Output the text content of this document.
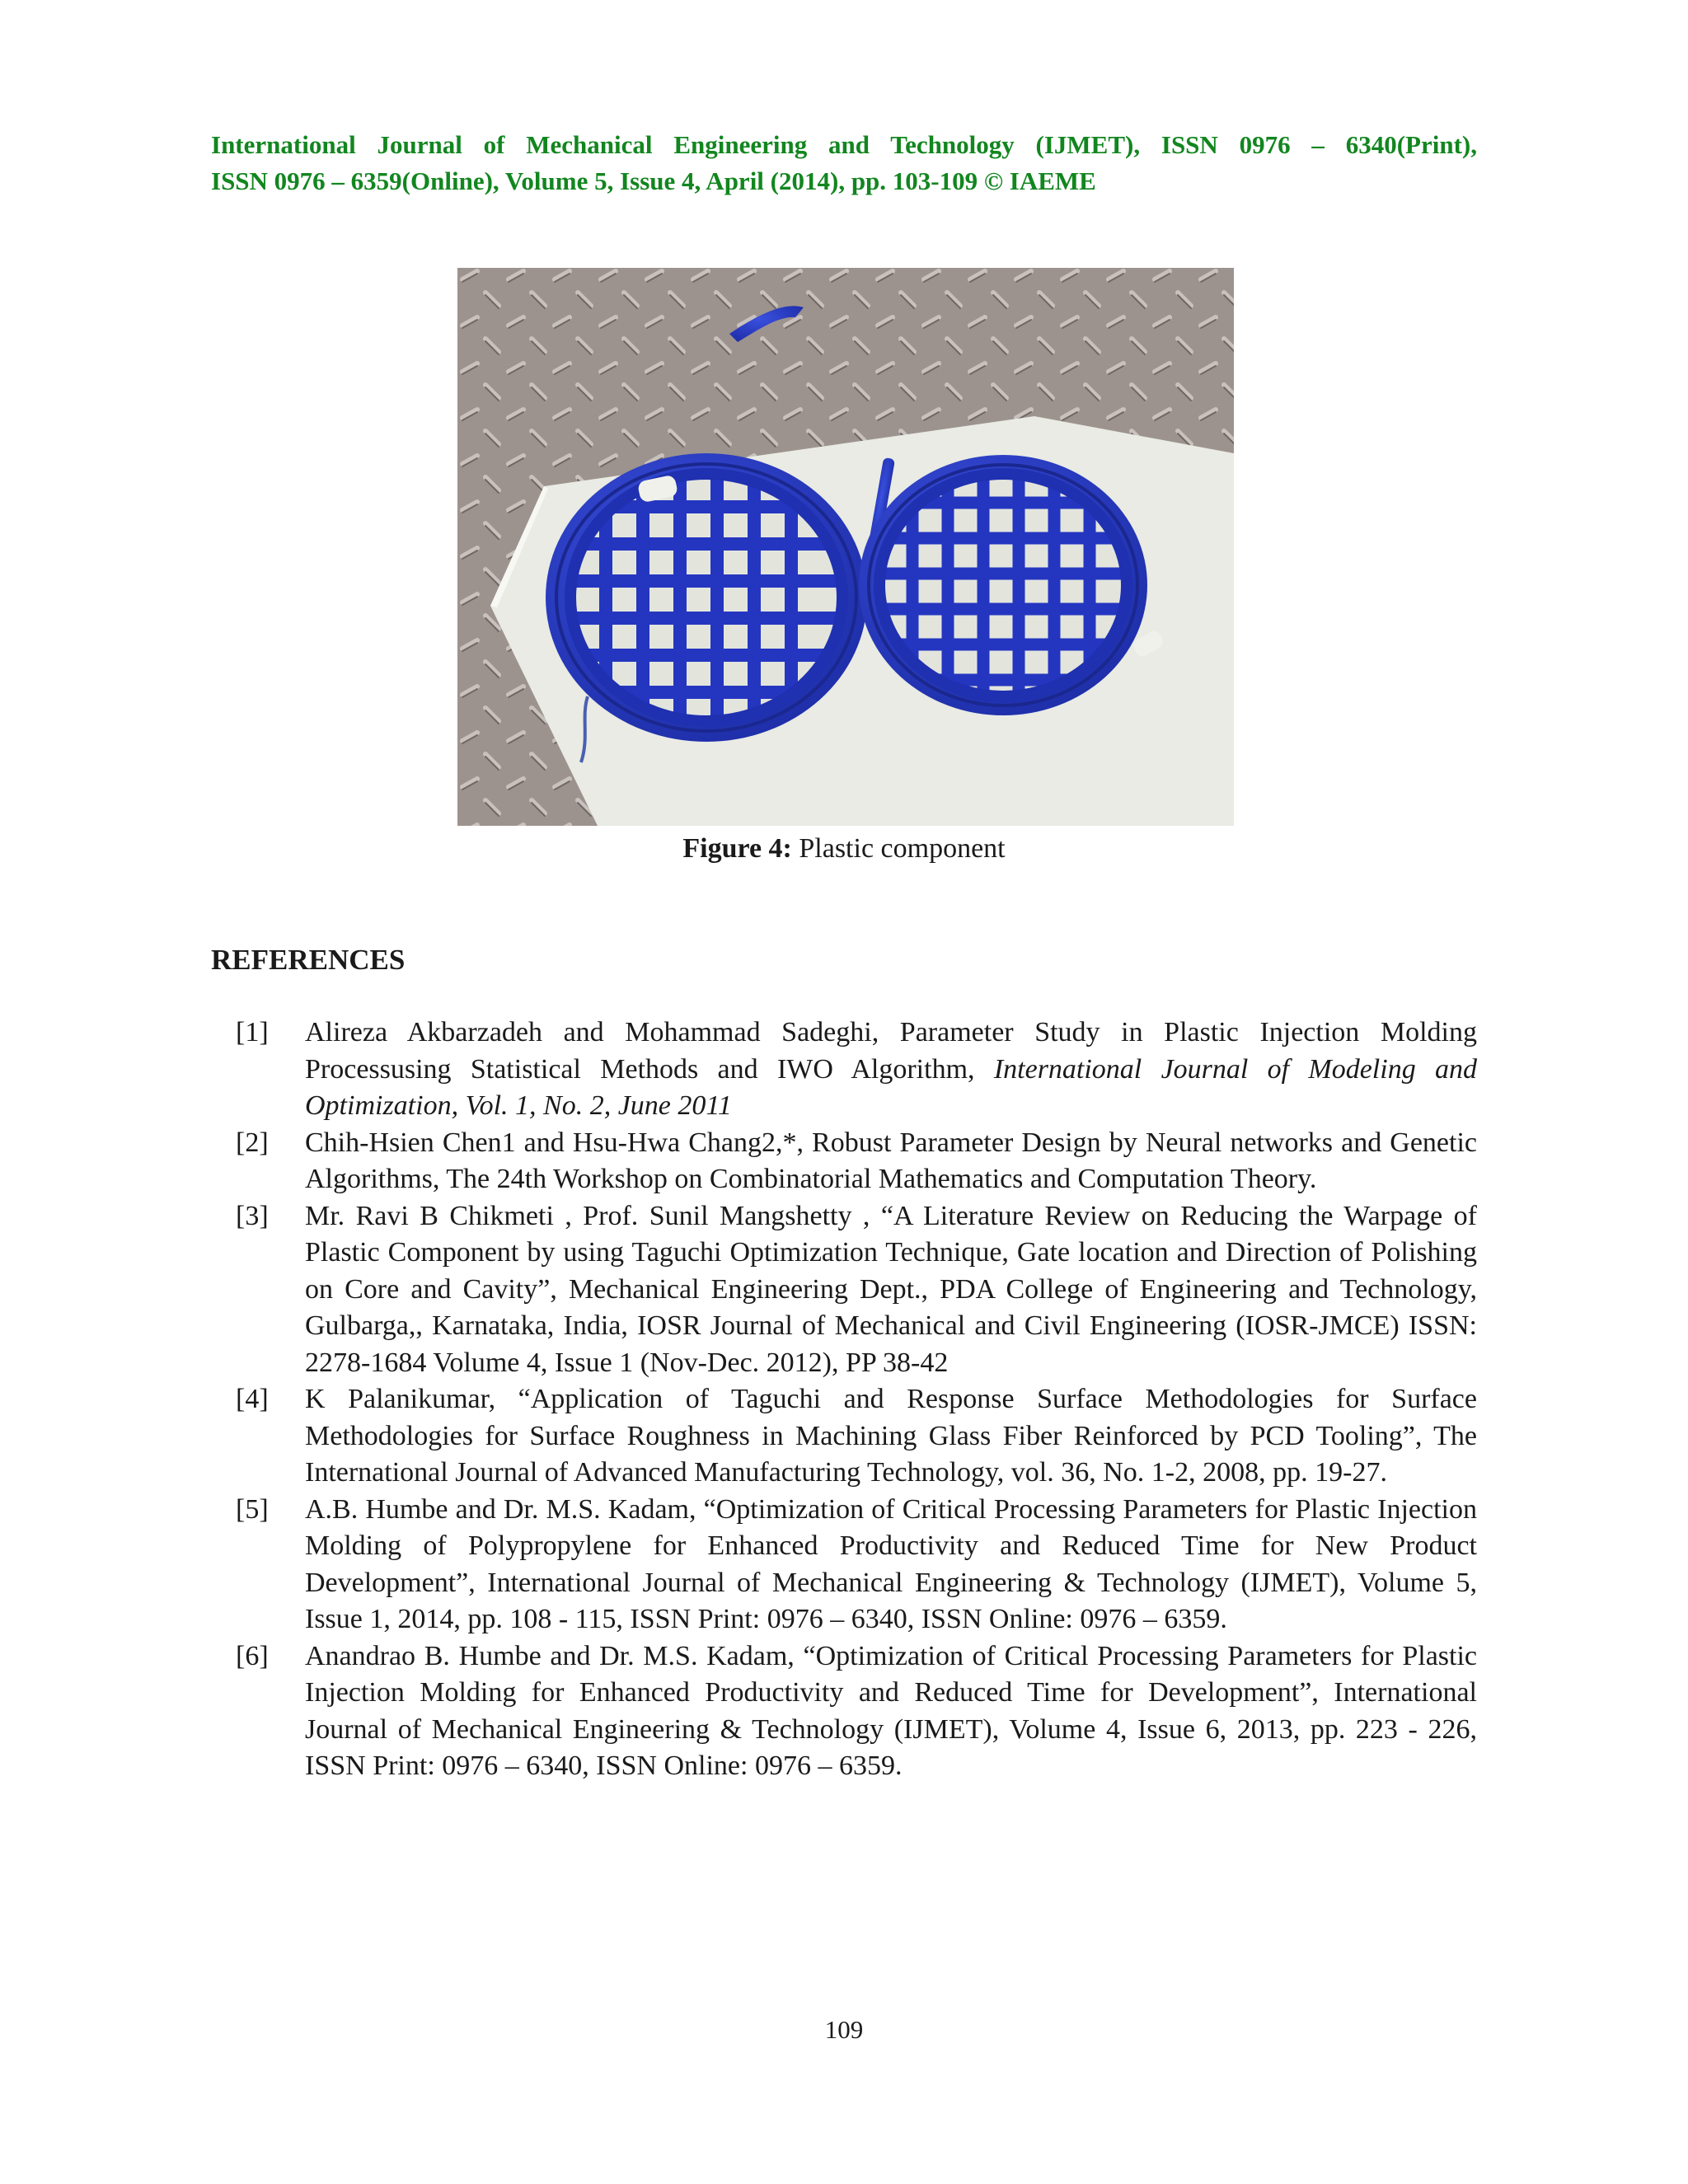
International Journal of Mechanical Engineering and Technology (IJMET), ISSN 0976 – 6340(Print),
ISSN 0976 – 6359(Online), Volume 5, Issue 4, April (2014), pp. 103-109 © IAEME
Figure 4: Plastic component
REFERENCES
[1] Alireza Akbarzadeh and Mohammad Sadeghi, Parameter Study in Plastic Injection Molding Processusing Statistical Methods and IWO Algorithm, International Journal of Modeling and Optimization, Vol. 1, No. 2, June 2011
[2] Chih-Hsien Chen1 and Hsu-Hwa Chang2,*, Robust Parameter Design by Neural networks and Genetic Algorithms, The 24th Workshop on Combinatorial Mathematics and Computation Theory.
[3] Mr. Ravi B Chikmeti , Prof. Sunil Mangshetty , “A Literature Review on Reducing the Warpage of Plastic Component by using Taguchi Optimization Technique, Gate location and Direction of Polishing on Core and Cavity”, Mechanical Engineering Dept., PDA College of Engineering and Technology, Gulbarga,, Karnataka, India, IOSR Journal of Mechanical and Civil Engineering (IOSR-JMCE) ISSN: 2278-1684 Volume 4, Issue 1 (Nov-Dec. 2012), PP 38-42
[4] K Palanikumar, “Application of Taguchi and Response Surface Methodologies for Surface Methodologies for Surface Roughness in Machining Glass Fiber Reinforced by PCD Tooling”, The International Journal of Advanced Manufacturing Technology, vol. 36, No. 1-2, 2008, pp. 19-27.
[5] A.B. Humbe and Dr. M.S. Kadam, “Optimization of Critical Processing Parameters for Plastic Injection Molding of Polypropylene for Enhanced Productivity and Reduced Time for New Product Development”, International Journal of Mechanical Engineering & Technology (IJMET), Volume 5, Issue 1, 2014, pp. 108 - 115, ISSN Print: 0976 – 6340, ISSN Online: 0976 – 6359.
[6] Anandrao B. Humbe and Dr. M.S. Kadam, “Optimization of Critical Processing Parameters for Plastic Injection Molding for Enhanced Productivity and Reduced Time for Development”, International Journal of Mechanical Engineering & Technology (IJMET), Volume 4, Issue 6, 2013, pp. 223 - 226, ISSN Print: 0976 – 6340, ISSN Online: 0976 – 6359.
109
